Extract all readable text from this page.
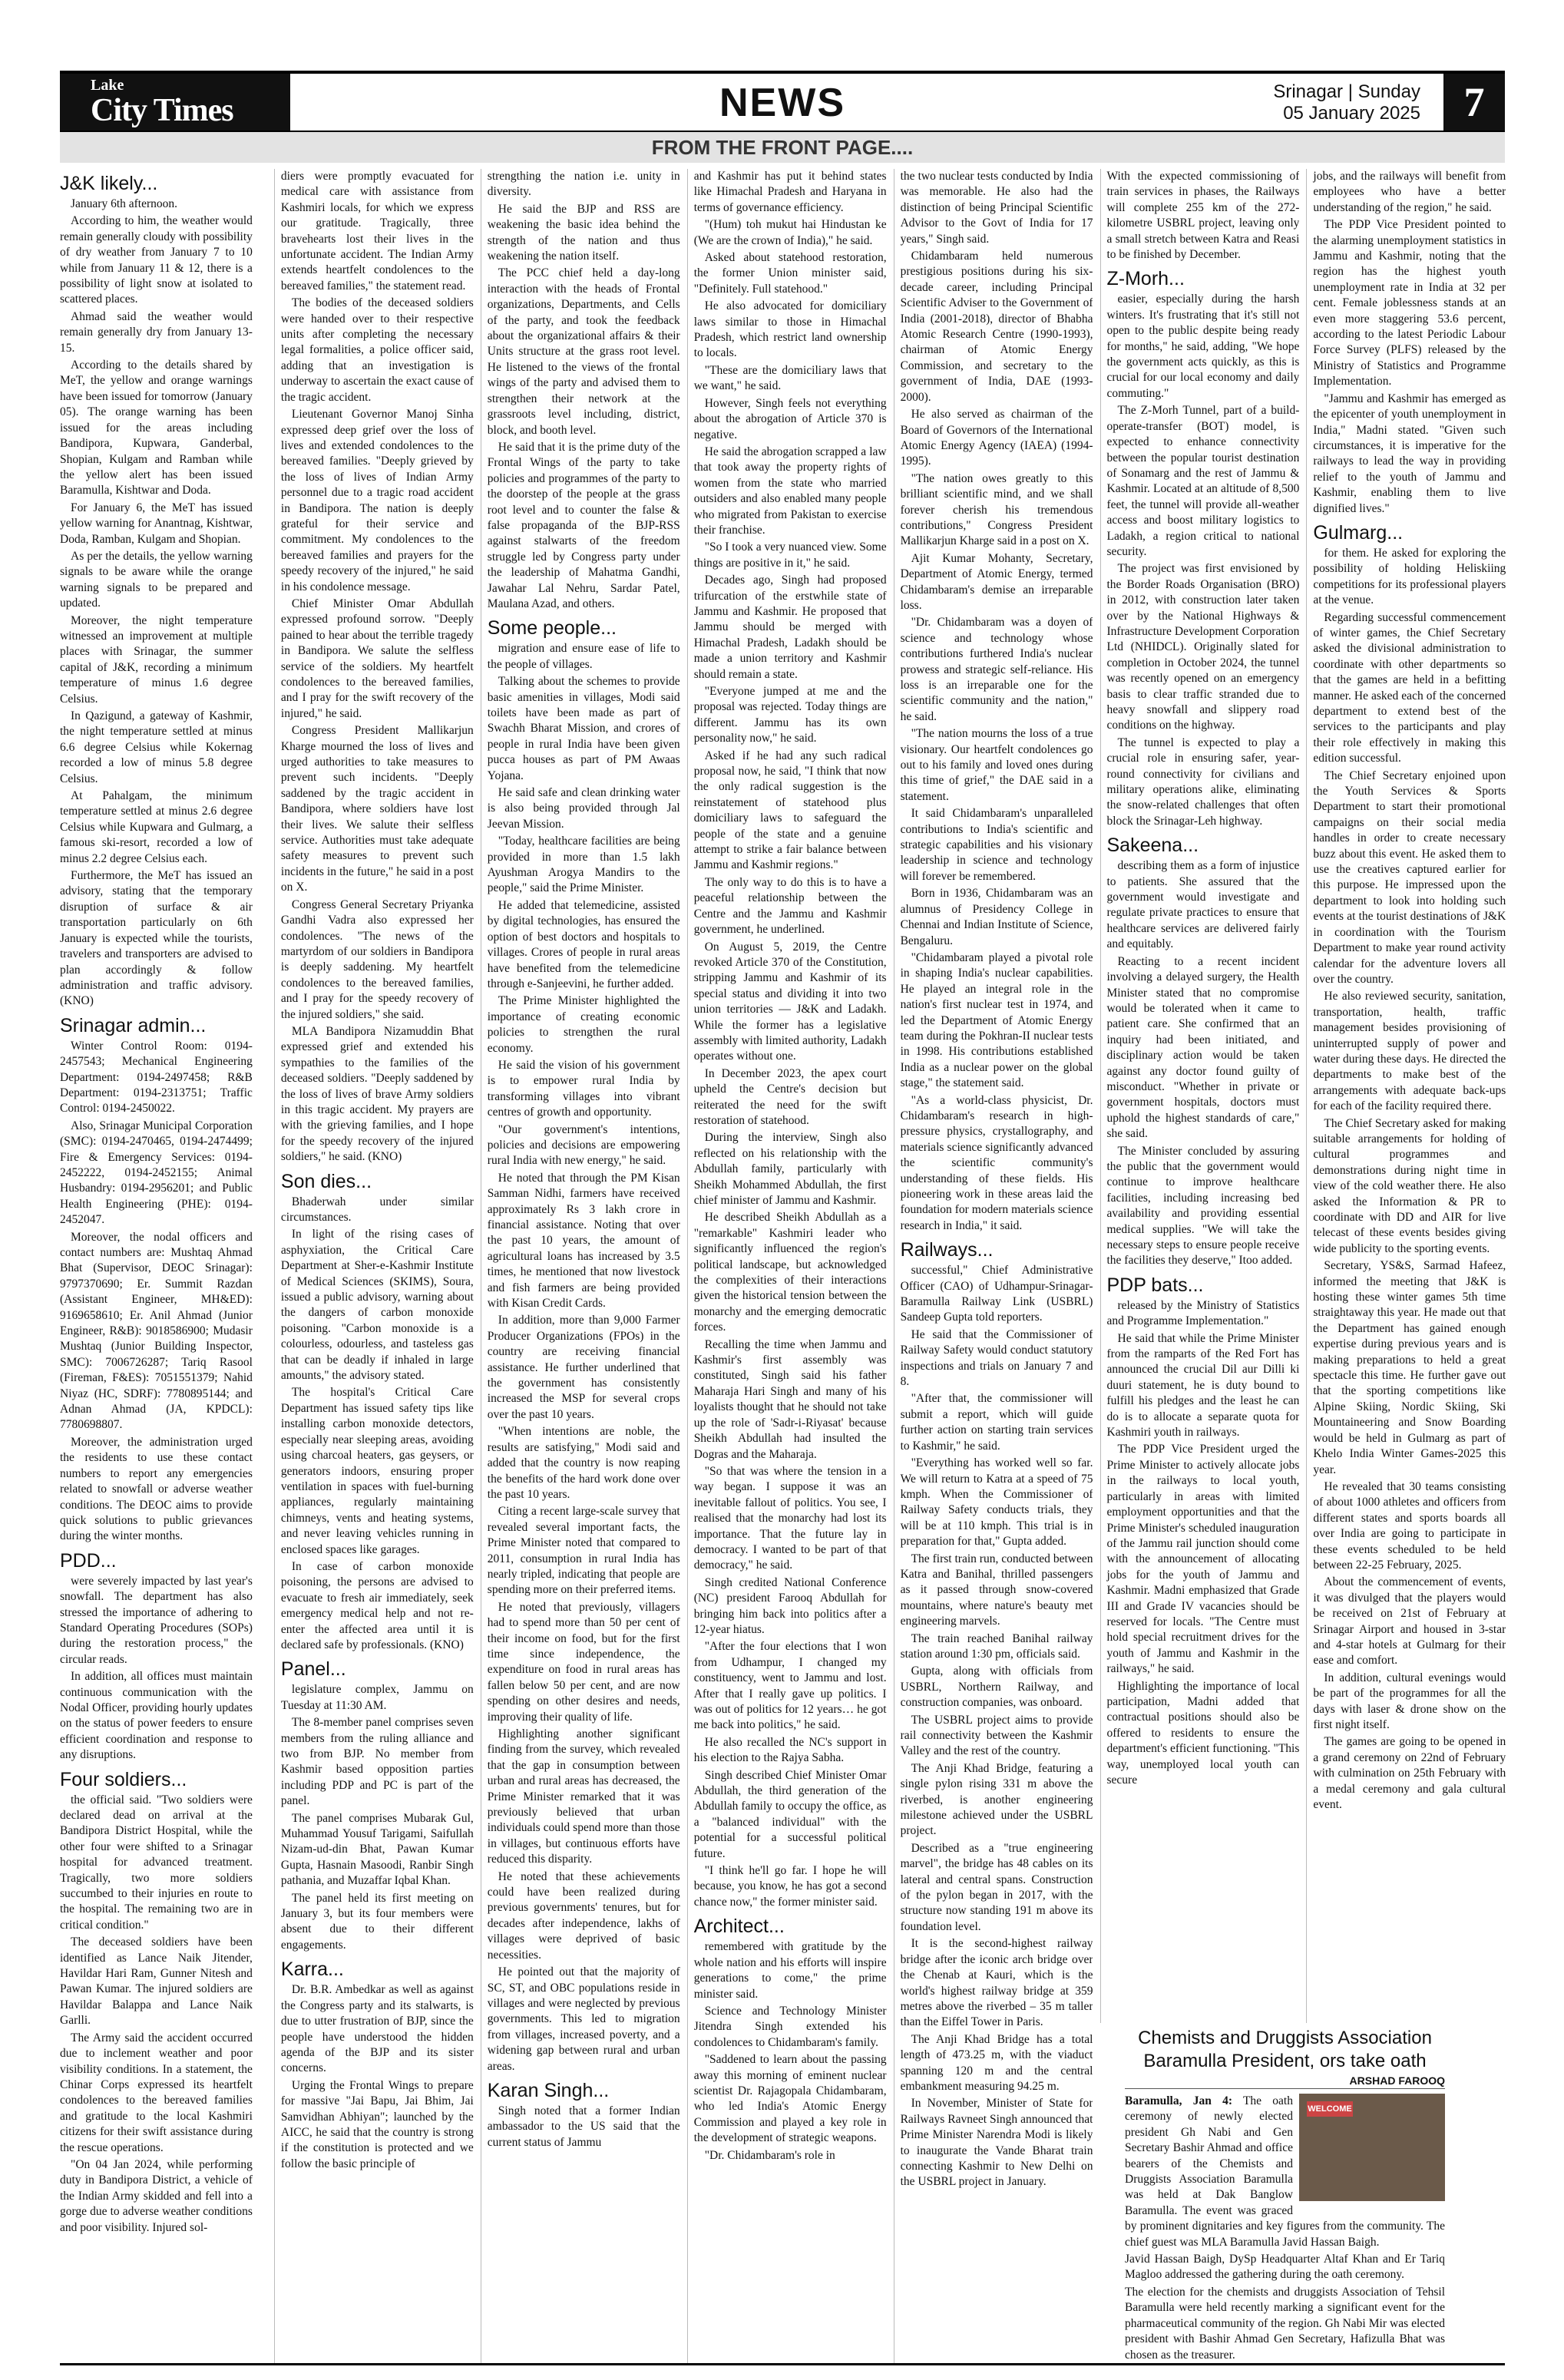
Lake
City Times	NEWS	Srinagar | Sunday
05 January 2025	7
FROM THE FRONT PAGE....
J&K likely...

January 6th afternoon.

According to him, the weather would remain generally cloudy with possibility of dry weather from January 7 to 10 while from January 11 & 12, there is a possibility of light snow at isolated to scattered places.

Ahmad said the weather would remain generally dry from January 13-15.

According to the details shared by MeT, the yellow and orange warnings have been issued for tomorrow (January 05). The orange warning has been issued for the areas including Bandipora, Kupwara, Ganderbal, Shopian, Kulgam and Ramban while the yellow alert has been issued Baramulla, Kishtwar and Doda.

For January 6, the MeT has issued yellow warning for Anantnag, Kishtwar, Doda, Ramban, Kulgam and Shopian.

As per the details, the yellow warning signals to be aware while the orange warning signals to be prepared and updated.

Moreover, the night temperature witnessed an improvement at multiple places with Srinagar, the summer capital of J&K, recording a minimum temperature of minus 1.6 degree Celsius.

In Qazigund, a gateway of Kashmir, the night temperature settled at minus 6.6 degree Celsius while Kokernag recorded a low of minus 5.8 degree Celsius.

At Pahalgam, the minimum temperature settled at minus 2.6 degree Celsius while Kupwara and Gulmarg, a famous ski-resort, recorded a low of minus 2.2 degree Celsius each.

Furthermore, the MeT has issued an advisory, stating that the temporary disruption of surface & air transportation particularly on 6th January is expected while the tourists, travelers and transporters are advised to plan accordingly & follow administration and traffic advisory. (KNO)

Srinagar admin...

Winter Control Room: 0194-2457543; Mechanical Engineering Department: 0194-2497458; R&B Department: 0194-2313751; Traffic Control: 0194-2450022.

Also, Srinagar Municipal Corporation (SMC): 0194-2470465, 0194-2474499; Fire & Emergency Services: 0194-2452222, 0194-2452155; Animal Husbandry: 0194-2956201; and Public Health Engineering (PHE): 0194-2452047.

Moreover, the nodal officers and contact numbers are: Mushtaq Ahmad Bhat (Supervisor, DEOC Srinagar): 9797370690; Er. Summit Razdan (Assistant Engineer, MH&ED): 9169658610; Er. Anil Ahmad (Junior Engineer, R&B): 9018586900; Mudasir Mushtaq (Junior Building Inspector, SMC): 7006726287; Tariq Rasool (Fireman, F&ES): 7051551379; Nahid Niyaz (HC, SDRF): 7780895144; and Adnan Ahmad (JA, KPDCL): 7780698807.

Moreover, the administration urged the residents to use these contact numbers to report any emergencies related to snowfall or adverse weather conditions. The DEOC aims to provide quick solutions to public grievances during the winter months.

PDD...

were severely impacted by last year's snowfall. The department has also stressed the importance of adhering to Standard Operating Procedures (SOPs) during the restoration process," the circular reads.

In addition, all offices must maintain continuous communication with the Nodal Officer, providing hourly updates on the status of power feeders to ensure efficient coordination and response to any disruptions.

Four soldiers...

the official said. "Two soldiers were declared dead on arrival at the Bandipora District Hospital, while the other four were shifted to a Srinagar hospital for advanced treatment. Tragically, two more soldiers succumbed to their injuries en route to the hospital. The remaining two are in critical condition."

The deceased soldiers have been identified as Lance Naik Jitender, Havildar Hari Ram, Gunner Nitesh and Pawan Kumar. The injured soldiers are Havildar Balappa and Lance Naik Garlli.

The Army said the accident occurred due to inclement weather and poor visibility conditions. In a statement, the Chinar Corps expressed its heartfelt condolences to the bereaved families and gratitude to the local Kashmiri citizens for their swift assistance during the rescue operations.

"On 04 Jan 2024, while performing duty in Bandipora District, a vehicle of the Indian Army skidded and fell into a gorge due to adverse weather conditions and poor visibility. Injured sol-

diers were promptly evacuated for medical care with assistance from Kashmiri locals, for which we express our gratitude. Tragically, three bravehearts lost their lives in the unfortunate accident. The Indian Army extends heartfelt condolences to the bereaved families," the statement read.

The bodies of the deceased soldiers were handed over to their respective units after completing the necessary legal formalities, a police officer said, adding that an investigation is underway to ascertain the exact cause of the tragic accident.

Lieutenant Governor Manoj Sinha expressed deep grief over the loss of lives and extended condolences to the bereaved families. "Deeply grieved by the loss of lives of Indian Army personnel due to a tragic road accident in Bandipora. The nation is deeply grateful for their service and commitment. My condolences to the bereaved families and prayers for the speedy recovery of the injured," he said in his condolence message.

Chief Minister Omar Abdullah expressed profound sorrow. "Deeply pained to hear about the terrible tragedy in Bandipora. We salute the selfless service of the soldiers. My heartfelt condolences to the bereaved families, and I pray for the swift recovery of the injured," he said.

Congress President Mallikarjun Kharge mourned the loss of lives and urged authorities to take measures to prevent such incidents. "Deeply saddened by the tragic accident in Bandipora, where soldiers have lost their lives. We salute their selfless service. Authorities must take adequate safety measures to prevent such incidents in the future," he said in a post on X.

Congress General Secretary Priyanka Gandhi Vadra also expressed her condolences. "The news of the martyrdom of our soldiers in Bandipora is deeply saddening. My heartfelt condolences to the bereaved families, and I pray for the speedy recovery of the injured soldiers," she said.

MLA Bandipora Nizamuddin Bhat expressed grief and extended his sympathies to the families of the deceased soldiers. "Deeply saddened by the loss of lives of brave Army soldiers in this tragic accident. My prayers are with the grieving families, and I hope for the speedy recovery of the injured soldiers," he said. (KNO)

Son dies...

Bhaderwah under similar circumstances.

In light of the rising cases of asphyxiation, the Critical Care Department at Sher-e-Kashmir Institute of Medical Sciences (SKIMS), Soura, issued a public advisory, warning about the dangers of carbon monoxide poisoning. "Carbon monoxide is a colourless, odourless, and tasteless gas that can be deadly if inhaled in large amounts," the advisory stated.

The hospital's Critical Care Department has issued safety tips like installing carbon monoxide detectors, especially near sleeping areas, avoiding using charcoal heaters, gas geysers, or generators indoors, ensuring proper ventilation in spaces with fuel-burning appliances, regularly maintaining chimneys, vents and heating systems, and never leaving vehicles running in enclosed spaces like garages.

In case of carbon monoxide poisoning, the persons are advised to evacuate to fresh air immediately, seek emergency medical help and not re-enter the affected area until it is declared safe by professionals. (KNO)

Panel...

legislature complex, Jammu on Tuesday at 11:30 AM.

The 8-member panel comprises seven members from the ruling alliance and two from BJP. No member from Kashmir based opposition parties including PDP and PC is part of the panel.

The panel comprises Mubarak Gul, Muhammad Yousuf Tarigami, Saifullah Nizam-ud-din Bhat, Pawan Kumar Gupta, Hasnain Masoodi, Ranbir Singh pathania, and Muzaffar Iqbal Khan.

The panel held its first meeting on January 3, but its four members were absent due to their different engagements.

Karra...

Dr. B.R. Ambedkar as well as against the Congress party and its stalwarts, is due to utter frustration of BJP, since the people have understood the hidden agenda of the BJP and its sister concerns.

Urging the Frontal Wings to prepare for massive "Jai Bapu, Jai Bhim, Jai Samvidhan Abhiyan"; launched by the AICC, he said that the country is strong if the constitution is protected and we follow the basic principle of

strengthing the nation i.e. unity in diversity.

He said the BJP and RSS are weakening the basic idea behind the strength of the nation and thus weakening the nation itself.

The PCC chief held a day-long interaction with the heads of Frontal organizations, Departments, and Cells of the party, and took the feedback about the organizational affairs & their Units structure at the grass root level. He listened to the views of the frontal wings of the party and advised them to strengthen their network at the grassroots level including, district, block, and booth level.

He said that it is the prime duty of the Frontal Wings of the party to take policies and programmes of the party to the doorstep of the people at the grass root level and to counter the false & false propaganda of the BJP-RSS against stalwarts of the freedom struggle led by Congress party under the leadership of Mahatma Gandhi, Jawahar Lal Nehru, Sardar Patel, Maulana Azad, and others.

Some people...

migration and ensure ease of life to the people of villages.

Talking about the schemes to provide basic amenities in villages, Modi said toilets have been made as part of Swachh Bharat Mission, and crores of people in rural India have been given pucca houses as part of PM Awaas Yojana.

He said safe and clean drinking water is also being provided through Jal Jeevan Mission.

"Today, healthcare facilities are being provided in more than 1.5 lakh Ayushman Arogya Mandirs to the people," said the Prime Minister.

He added that telemedicine, assisted by digital technologies, has ensured the option of best doctors and hospitals to villages. Crores of people in rural areas have benefited from the telemedicine through e-Sanjeevini, he further added.

The Prime Minister highlighted the importance of creating economic policies to strengthen the rural economy.

He said the vision of his government is to empower rural India by transforming villages into vibrant centres of growth and opportunity.

"Our government's intentions, policies and decisions are empowering rural India with new energy," he said.

He noted that through the PM Kisan Samman Nidhi, farmers have received approximately Rs 3 lakh crore in financial assistance. Noting that over the past 10 years, the amount of agricultural loans has increased by 3.5 times, he mentioned that now livestock and fish farmers are being provided with Kisan Credit Cards.

In addition, more than 9,000 Farmer Producer Organizations (FPOs) in the country are receiving financial assistance. He further underlined that the government has consistently increased the MSP for several crops over the past 10 years.

"When intentions are noble, the results are satisfying," Modi said and added that the country is now reaping the benefits of the hard work done over the past 10 years.

Citing a recent large-scale survey that revealed several important facts, the Prime Minister noted that compared to 2011, consumption in rural India has nearly tripled, indicating that people are spending more on their preferred items.

He noted that previously, villagers had to spend more than 50 per cent of their income on food, but for the first time since independence, the expenditure on food in rural areas has fallen below 50 per cent, and are now spending on other desires and needs, improving their quality of life.

Highlighting another significant finding from the survey, which revealed that the gap in consumption between urban and rural areas has decreased, the Prime Minister remarked that it was previously believed that urban individuals could spend more than those in villages, but continuous efforts have reduced this disparity.

He noted that these achievements could have been realized during previous governments' tenures, but for decades after independence, lakhs of villages were deprived of basic necessities.

He pointed out that the majority of SC, ST, and OBC populations reside in villages and were neglected by previous governments. This led to migration from villages, increased poverty, and a widening gap between rural and urban areas.

Karan Singh...

Singh noted that a former Indian ambassador to the US said that the current status of Jammu

and Kashmir has put it behind states like Himachal Pradesh and Haryana in terms of governance efficiency.

"(Hum) toh mukut hai Hindustan ke (We are the crown of India)," he said.

Asked about statehood restoration, the former Union minister said, "Definitely. Full statehood."

He also advocated for domiciliary laws similar to those in Himachal Pradesh, which restrict land ownership to locals.

"These are the domiciliary laws that we want," he said.

However, Singh feels not everything about the abrogation of Article 370 is negative.

He said the abrogation scrapped a law that took away the property rights of women from the state who married outsiders and also enabled many people who migrated from Pakistan to exercise their franchise.

"So I took a very nuanced view. Some things are positive in it," he said.

Decades ago, Singh had proposed trifurcation of the erstwhile state of Jammu and Kashmir. He proposed that Jammu should be merged with Himachal Pradesh, Ladakh should be made a union territory and Kashmir should remain a state.

"Everyone jumped at me and the proposal was rejected. Today things are different. Jammu has its own personality now," he said.

Asked if he had any such radical proposal now, he said, "I think that now the only radical suggestion is the reinstatement of statehood plus domiciliary laws to safeguard the people of the state and a genuine attempt to strike a fair balance between Jammu and Kashmir regions."

The only way to do this is to have a peaceful relationship between the Centre and the Jammu and Kashmir government, he underlined.

On August 5, 2019, the Centre revoked Article 370 of the Constitution, stripping Jammu and Kashmir of its special status and dividing it into two union territories — J&K and Ladakh. While the former has a legislative assembly with limited authority, Ladakh operates without one.

In December 2023, the apex court upheld the Centre's decision but reiterated the need for the swift restoration of statehood.

During the interview, Singh also reflected on his relationship with the Abdullah family, particularly with Sheikh Mohammed Abdullah, the first chief minister of Jammu and Kashmir.

He described Sheikh Abdullah as a "remarkable" Kashmiri leader who significantly influenced the region's political landscape, but acknowledged the complexities of their interactions given the historical tension between the monarchy and the emerging democratic forces.

Recalling the time when Jammu and Kashmir's first assembly was constituted, Singh said his father Maharaja Hari Singh and many of his loyalists thought that he should not take up the role of 'Sadr-i-Riyasat' because Sheikh Abdullah had insulted the Dogras and the Maharaja.

"So that was where the tension in a way began. I suppose it was an inevitable fallout of politics. You see, I realised that the monarchy had lost its importance. That the future lay in democracy. I wanted to be part of that democracy," he said.

Singh credited National Conference (NC) president Farooq Abdullah for bringing him back into politics after a 12-year hiatus.

"After the four elections that I won from Udhampur, I changed my constituency, went to Jammu and lost. After that I really gave up politics. I was out of politics for 12 years… he got me back into politics," he said.

He also recalled the NC's support in his election to the Rajya Sabha.

Singh described Chief Minister Omar Abdullah, the third generation of the Abdullah family to occupy the office, as a "balanced individual" with the potential for a successful political future.

"I think he'll go far. I hope he will because, you know, he has got a second chance now," the former minister said.

Architect...

remembered with gratitude by the whole nation and his efforts will inspire generations to come," the prime minister said.

Science and Technology Minister Jitendra Singh extended his condolences to Chidambaram's family.

"Saddened to learn about the passing away this morning of eminent nuclear scientist Dr. Rajagopala Chidambaram, who led India's Atomic Energy Commission and played a key role in the development of strategic weapons.

"Dr. Chidambaram's role in

the two nuclear tests conducted by India was memorable. He also had the distinction of being Principal Scientific Advisor to the Govt of India for 17 years," Singh said.

Chidambaram held numerous prestigious positions during his six-decade career, including Principal Scientific Adviser to the Government of India (2001-2018), director of Bhabha Atomic Research Centre (1990-1993), chairman of Atomic Energy Commission, and secretary to the government of India, DAE (1993-2000).

He also served as chairman of the Board of Governors of the International Atomic Energy Agency (IAEA) (1994-1995).

"The nation owes greatly to this brilliant scientific mind, and we shall forever cherish his tremendous contributions," Congress President Mallikarjun Kharge said in a post on X.

Ajit Kumar Mohanty, Secretary, Department of Atomic Energy, termed Chidambaram's demise an irreparable loss.

"Dr. Chidambaram was a doyen of science and technology whose contributions furthered India's nuclear prowess and strategic self-reliance. His loss is an irreparable one for the scientific community and the nation," he said.

"The nation mourns the loss of a true visionary. Our heartfelt condolences go out to his family and loved ones during this time of grief," the DAE said in a statement.

It said Chidambaram's unparalleled contributions to India's scientific and strategic capabilities and his visionary leadership in science and technology will forever be remembered.

Born in 1936, Chidambaram was an alumnus of Presidency College in Chennai and Indian Institute of Science, Bengaluru.

"Chidambaram played a pivotal role in shaping India's nuclear capabilities. He played an integral role in the nation's first nuclear test in 1974, and led the Department of Atomic Energy team during the Pokhran-II nuclear tests in 1998. His contributions established India as a nuclear power on the global stage," the statement said.

"As a world-class physicist, Dr. Chidambaram's research in high-pressure physics, crystallography, and materials science significantly advanced the scientific community's understanding of these fields. His pioneering work in these areas laid the foundation for modern materials science research in India," it said.

Railways...

successful," Chief Administrative Officer (CAO) of Udhampur-Srinagar-Baramulla Railway Link (USBRL) Sandeep Gupta told reporters.

He said that the Commissioner of Railway Safety would conduct statutory inspections and trials on January 7 and 8.

"After that, the commissioner will submit a report, which will guide further action on starting train services to Kashmir," he said.

"Everything has worked well so far. We will return to Katra at a speed of 75 kmph. When the Commissioner of Railway Safety conducts trials, they will be at 110 kmph. This trial is in preparation for that," Gupta added.

The first train run, conducted between Katra and Banihal, thrilled passengers as it passed through snow-covered mountains, where nature's beauty met engineering marvels.

The train reached Banihal railway station around 1:30 pm, officials said.

Gupta, along with officials from USBRL, Northern Railway, and construction companies, was onboard.

The USBRL project aims to provide rail connectivity between the Kashmir Valley and the rest of the country.

The Anji Khad Bridge, featuring a single pylon rising 331 m above the riverbed, is another engineering milestone achieved under the USBRL project.

Described as a "true engineering marvel", the bridge has 48 cables on its lateral and central spans. Construction of the pylon began in 2017, with the structure now standing 191 m above its foundation level.

It is the second-highest railway bridge after the iconic arch bridge over the Chenab at Kauri, which is the world's highest railway bridge at 359 metres above the riverbed – 35 m taller than the Eiffel Tower in Paris.

The Anji Khad Bridge has a total length of 473.25 m, with the viaduct spanning 120 m and the central embankment measuring 94.25 m.

In November, Minister of State for Railways Ravneet Singh announced that Prime Minister Narendra Modi is likely to inaugurate the Vande Bharat train connecting Kashmir to New Delhi on the USBRL project in January.

With the expected commissioning of train services in phases, the Railways will complete 255 km of the 272-kilometre USBRL project, leaving only a small stretch between Katra and Reasi to be finished by December.

Z-Morh...

easier, especially during the harsh winters. It's frustrating that it's still not open to the public despite being ready for months," he said, adding, "We hope the government acts quickly, as this is crucial for our local economy and daily commuting."

The Z-Morh Tunnel, part of a build-operate-transfer (BOT) model, is expected to enhance connectivity between the popular tourist destination of Sonamarg and the rest of Jammu & Kashmir. Located at an altitude of 8,500 feet, the tunnel will provide all-weather access and boost military logistics to Ladakh, a region critical to national security.

The project was first envisioned by the Border Roads Organisation (BRO) in 2012, with construction later taken over by the National Highways & Infrastructure Development Corporation Ltd (NHIDCL). Originally slated for completion in October 2024, the tunnel was recently opened on an emergency basis to clear traffic stranded due to heavy snowfall and slippery road conditions on the highway.

The tunnel is expected to play a crucial role in ensuring safer, year-round connectivity for civilians and military operations alike, eliminating the snow-related challenges that often block the Srinagar-Leh highway.

Sakeena...

describing them as a form of injustice to patients. She assured that the government would investigate and regulate private practices to ensure that healthcare services are delivered fairly and equitably.

Reacting to a recent incident involving a delayed surgery, the Health Minister stated that no compromise would be tolerated when it came to patient care. She confirmed that an inquiry had been initiated, and disciplinary action would be taken against any doctor found guilty of misconduct. "Whether in private or government hospitals, doctors must uphold the highest standards of care," she said.

The Minister concluded by assuring the public that the government would continue to improve healthcare facilities, including increasing bed availability and providing essential medical supplies. "We will take the necessary steps to ensure people receive the facilities they deserve," Itoo added.

PDP bats...

released by the Ministry of Statistics and Programme Implementation."

He said that while the Prime Minister from the ramparts of the Red Fort has announced the crucial Dil aur Dilli ki duuri statement, he is duty bound to fulfill his pledges and the least he can do is to allocate a separate quota for Kashmiri youth in railways.

The PDP Vice President urged the Prime Minister to actively allocate jobs in the railways to local youth, particularly in areas with limited employment opportunities and that the Prime Minister's scheduled inauguration of the Jammu rail junction should come with the announcement of allocating jobs for the youth of Jammu and Kashmir. Madni emphasized that Grade III and Grade IV vacancies should be reserved for locals. "The Centre must hold special recruitment drives for the youth of Jammu and Kashmir in the railways," he said.

Highlighting the importance of local participation, Madni added that contractual positions should also be offered to residents to ensure the department's efficient functioning. "This way, unemployed local youth can secure

jobs, and the railways will benefit from employees who have a better understanding of the region," he said.

The PDP Vice President pointed to the alarming unemployment statistics in Jammu and Kashmir, noting that the region has the highest youth unemployment rate in India at 32 per cent. Female joblessness stands at an even more staggering 53.6 percent, according to the latest Periodic Labour Force Survey (PLFS) released by the Ministry of Statistics and Programme Implementation.

"Jammu and Kashmir has emerged as the epicenter of youth unemployment in India," Madni stated. "Given such circumstances, it is imperative for the railways to lead the way in providing relief to the youth of Jammu and Kashmir, enabling them to live dignified lives."

Gulmarg...

for them. He asked for exploring the possibility of holding Heliskiing competitions for its professional players at the venue.

Regarding successful commencement of winter games, the Chief Secretary asked the divisional administration to coordinate with other departments so that the games are held in a befitting manner. He asked each of the concerned department to extend best of the services to the participants and play their role effectively in making this edition successful.

The Chief Secretary enjoined upon the Youth Services & Sports Department to start their promotional campaigns on their social media handles in order to create necessary buzz about this event. He asked them to use the creatives captured earlier for this purpose. He impressed upon the department to look into holding such events at the tourist destinations of J&K in coordination with the Tourism Department to make year round activity calendar for the adventure lovers all over the country.

He also reviewed security, sanitation, transportation, health, traffic management besides provisioning of uninterrupted supply of power and water during these days. He directed the departments to make best of the arrangements with adequate back-ups for each of the facility required there.

The Chief Secretary asked for making suitable arrangements for holding of cultural programmes and demonstrations during night time in view of the cold weather there. He also asked the Information & PR to coordinate with DD and AIR for live telecast of these events besides giving wide publicity to the sporting events.

Secretary, YS&S, Sarmad Hafeez, informed the meeting that J&K is hosting these winter games 5th time straightaway this year. He made out that the Department has gained enough expertise during previous years and is making preparations to held a great spectacle this time. He further gave out that the sporting competitions like Alpine Skiing, Nordic Skiing, Ski Mountaineering and Snow Boarding would be held in Gulmarg as part of Khelo India Winter Games-2025 this year.

He revealed that 30 teams consisting of about 1000 athletes and officers from different states and sports boards all over India are going to participate in these events scheduled to be held between 22-25 February, 2025.

About the commencement of events, it was divulged that the players would be received on 21st of February at Srinagar Airport and housed in 3-star and 4-star hotels at Gulmarg for their ease and comfort.

In addition, cultural evenings would be part of the programmes for all the days with laser & drone show on the first night itself.

The games are going to be opened in a grand ceremony on 22nd of February with culmination on 25th February with a medal ceremony and gala cultural event.

Chemists and Druggists Association Baramulla President, ors take oath
ARSHAD FAROOQ
WELCOME

Baramulla, Jan 4: The oath ceremony of newly elected president Gh Nabi and Gen Secretary Bashir Ahmad and office bearers of the Chemists and Druggists Association Baramulla was held at Dak Banglow Baramulla. The event was graced by prominent dignitaries and key figures from the community. The chief guest was MLA Baramulla Javid Hassan Baigh.

Javid Hassan Baigh, DySp Headquarter Altaf Khan and Er Tariq Magloo addressed the gathering during the oath ceremony.

The election for the chemists and druggists Association of Tehsil Baramulla were held recently marking a significant event for the pharmaceutical community of the region. Gh Nabi Mir was elected president with Bashir Ahmad Gen Secretary, Hafizulla Bhat was chosen as the treasurer.
